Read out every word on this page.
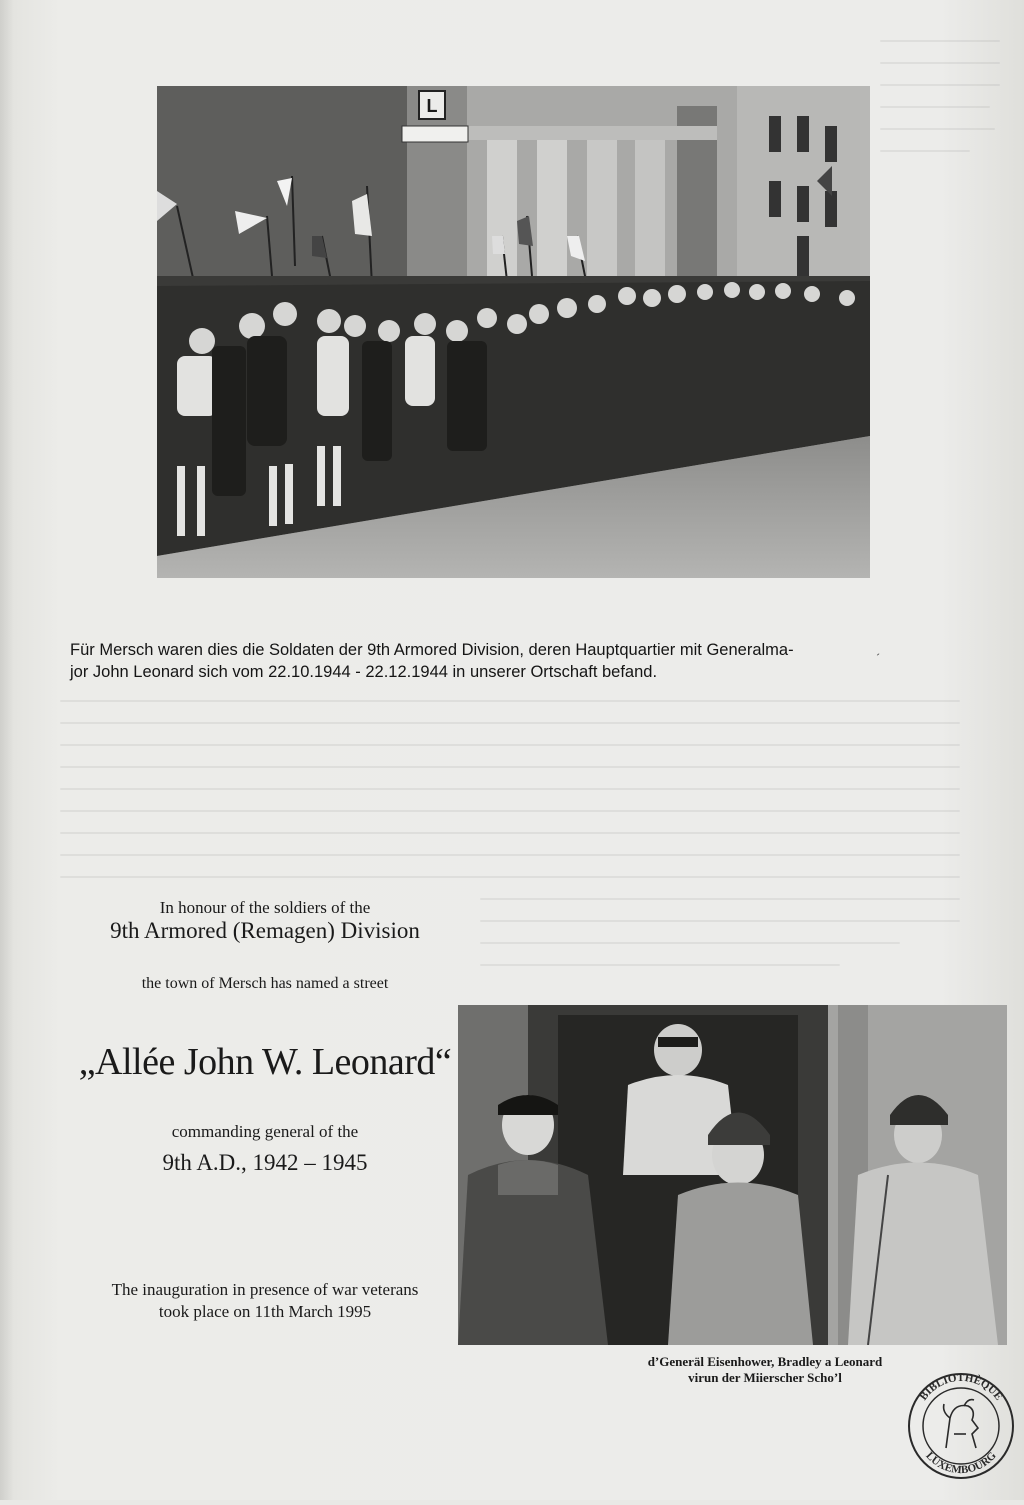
L
Für Mersch waren dies die Soldaten der 9th Armored Division, deren Hauptquartier mit Generalma-
jor John Leonard sich vom 22.10.1944 - 22.12.1944 in unserer Ortschaft befand.
In honour of the soldiers of the
9th Armored (Remagen) Division
the town of Mersch has named a street
„Allée John W. Leonard“
commanding general of the
9th A.D., 1942 – 1945
The inauguration in presence of war veterans
took place on 11th March 1995
d’Generäl Eisenhower, Bradley a Leonard
virun der Miierscher Scho’l
BIBLIOTHÈQUE
LUXEMBOURG
ˊ
